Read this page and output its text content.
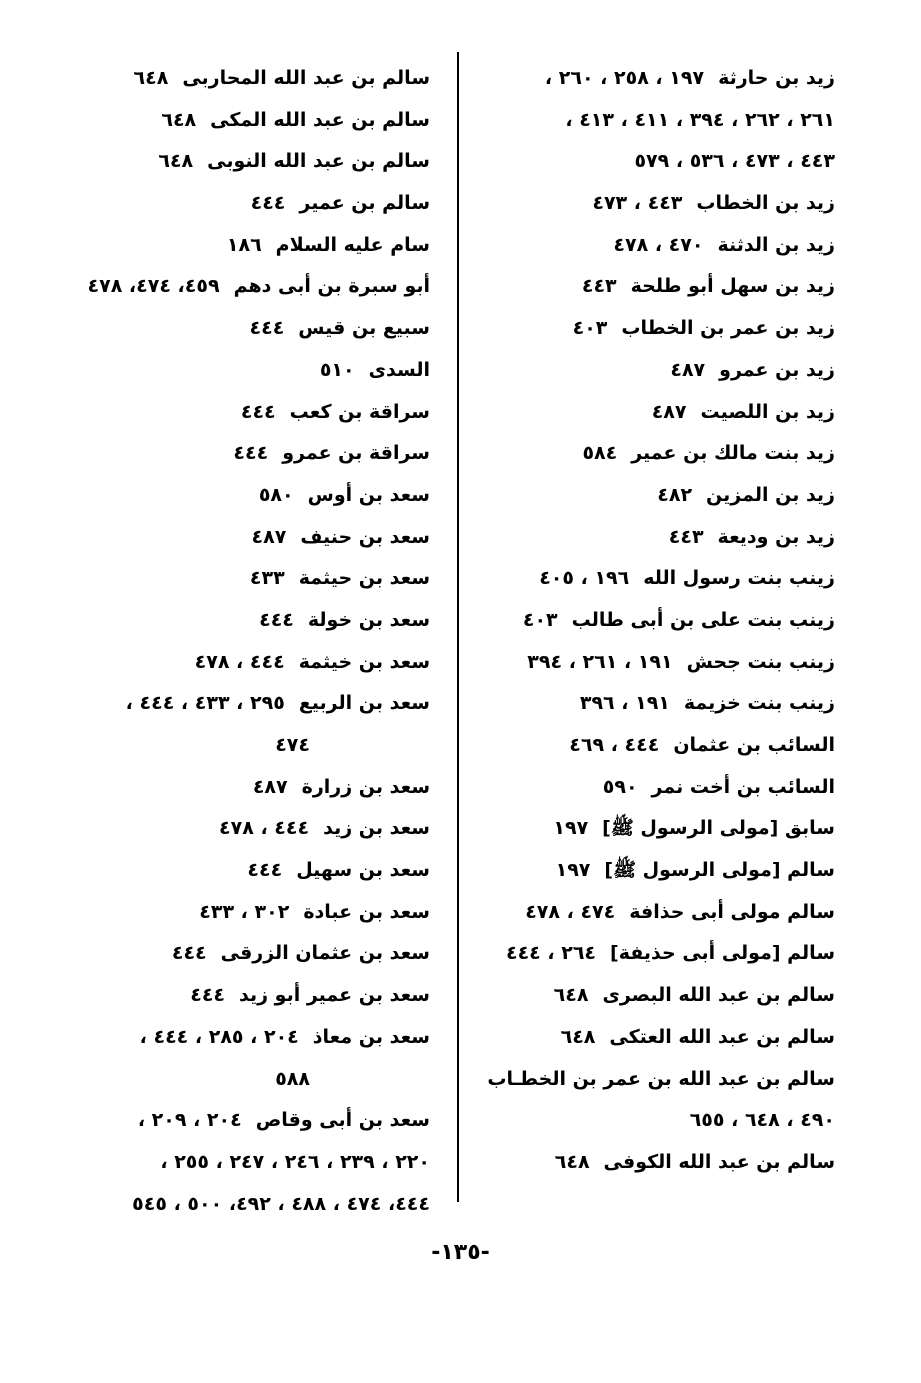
زيد بن حارثة
١٩٧ ، ٢٥٨ ، ٢٦٠ ،
٢٦١ ، ٢٦٢ ، ٣٩٤ ، ٤١١ ، ٤١٣ ،
٤٤٣ ، ٤٧٣ ، ٥٣٦ ، ٥٧٩
زيد بن الخطاب
٤٤٣ ، ٤٧٣
زيد بن الدثنة
٤٧٠ ، ٤٧٨
زيد بن سهل أبو طلحة
٤٤٣
زيد بن عمر بن الخطاب
٤٠٣
زيد بن عمرو
٤٨٧
زيد بن اللصيت
٤٨٧
زيد بنت مالك بن عمير
٥٨٤
زيد بن المزين
٤٨٢
زيد بن وديعة
٤٤٣
زينب بنت رسول الله
١٩٦ ، ٤٠٥
زينب بنت على بن أبى طالب
٤٠٣
زينب بنت جحش
١٩١ ، ٢٦١ ، ٣٩٤
زينب بنت خزيمة
١٩١ ، ٣٩٦
السائب بن عثمان
٤٤٤ ، ٤٦٩
السائب بن أخت نمر
٥٩٠
سابق [مولى الرسول ﷺ]
١٩٧
سالم [مولى الرسول ﷺ]
١٩٧
سالم مولى أبى حذافة
٤٧٤ ، ٤٧٨
سالم [مولى أبى حذيفة]
٢٦٤ ، ٤٤٤
سالم بن عبد الله البصرى
٦٤٨
سالم بن عبد الله العتكى
٦٤٨
سالم بن عبد الله بن عمر بن الخطـاب
٤٩٠ ، ٦٤٨ ، ٦٥٥
سالم بن عبد الله الكوفى
٦٤٨
سالم بن عبد الله المحاربى
٦٤٨
سالم بن عبد الله المكى
٦٤٨
سالم بن عبد الله النوبى
٦٤٨
سالم بن عمير
٤٤٤
سام عليه السلام
١٨٦
أبو سبرة بن أبى دهم
٤٥٩، ٤٧٤، ٤٧٨
سبيع بن قيس
٤٤٤
السدى
٥١٠
سراقة بن كعب
٤٤٤
سراقة بن عمرو
٤٤٤
سعد بن أوس
٥٨٠
سعد بن حنيف
٤٨٧
سعد بن حيثمة
٤٣٣
سعد بن خولة
٤٤٤
سعد بن خيثمة
٤٤٤ ، ٤٧٨
سعد بن الربيع
٢٩٥ ، ٤٣٣ ، ٤٤٤ ،
٤٧٤
سعد بن زرارة
٤٨٧
سعد بن زيد
٤٤٤ ، ٤٧٨
سعد بن سهيل
٤٤٤
سعد بن عبادة
٣٠٢ ، ٤٣٣
سعد بن عثمان الزرقى
٤٤٤
سعد بن عمير أبو زيد
٤٤٤
سعد بن معاذ
٢٠٤ ، ٢٨٥ ، ٤٤٤ ،
٥٨٨
سعد بن أبى وقاص
٢٠٤ ، ٢٠٩ ،
٢٢٠ ، ٢٣٩ ، ٢٤٦ ، ٢٤٧ ، ٢٥٥ ،
٤٤٤، ٤٧٤ ، ٤٨٨ ، ٤٩٢، ٥٠٠ ، ٥٤٥
-١٣٥-
